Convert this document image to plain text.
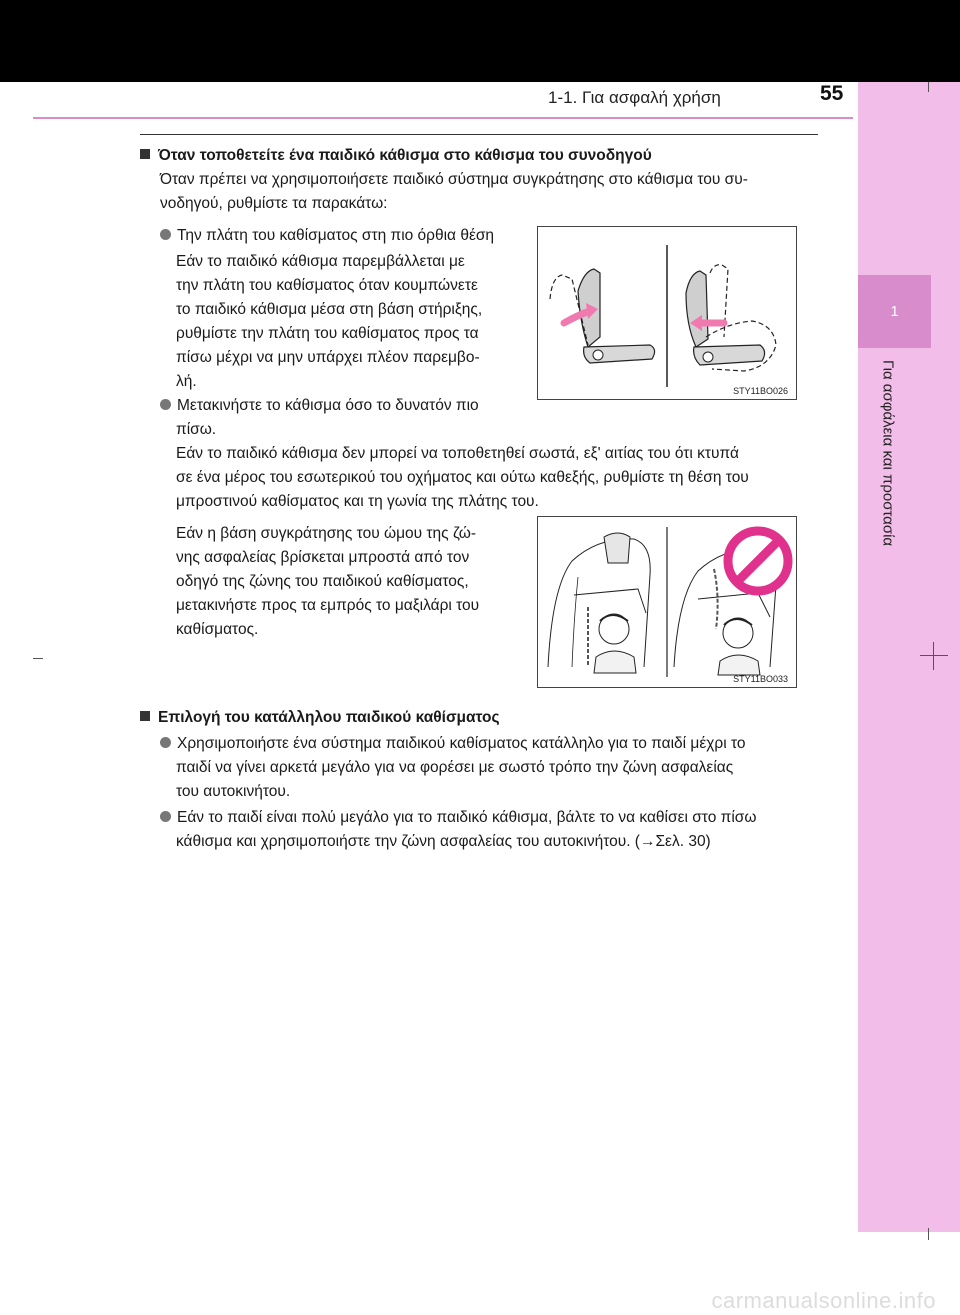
1
Για ασφάλεια και προστασία
1-1. Για ασφαλή χρήση	55
Όταν τοποθετείτε ένα παιδικό κάθισμα στο κάθισμα του συνοδηγού
Όταν πρέπει να χρησιμοποιήσετε παιδικό σύστημα συγκράτησης στο κάθισμα του συ-
νοδηγού, ρυθμίστε τα παρακάτω:
Την πλάτη του καθίσματος στη πιο όρθια θέση
Εάν το παιδικό κάθισμα παρεμβάλλεται με
την πλάτη του καθίσματος όταν κουμπώνετε
το παιδικό κάθισμα μέσα στη βάση στήριξης,
ρυθμίστε την πλάτη του καθίσματος προς τα
πίσω μέχρι να μην υπάρχει πλέον παρεμβο-
λή.
Μετακινήστε το κάθισμα όσο το δυνατόν πιο
πίσω.
Εάν το παιδικό κάθισμα δεν μπορεί να τοποθετηθεί σωστά, εξ' αιτίας του ότι κτυπά
σε ένα μέρος του εσωτερικού του οχήματος και ούτω καθεξής, ρυθμίστε τη θέση του
μπροστινού καθίσματος και τη γωνία της πλάτης του.
Εάν η βάση συγκράτησης του ώμου της ζώ-
νης ασφαλείας βρίσκεται μπροστά από τον
οδηγό της ζώνης του παιδικού καθίσματος,
μετακινήστε προς τα εμπρός το μαξιλάρι του
καθίσματος.
STY11BO026
STY11BO033
Επιλογή του κατάλληλου παιδικού καθίσματος
Χρησιμοποιήστε ένα σύστημα παιδικού καθίσματος κατάλληλο για το παιδί μέχρι το
παιδί να γίνει αρκετά μεγάλο για να φορέσει με σωστό τρόπο την ζώνη ασφαλείας
του αυτοκινήτου.
Εάν το παιδί είναι πολύ μεγάλο για το παιδικό κάθισμα, βάλτε το να καθίσει στο πίσω
κάθισμα και χρησιμοποιήστε την ζώνη ασφαλείας του αυτοκινήτου. (→Σελ. 30)
carmanualsonline.info
